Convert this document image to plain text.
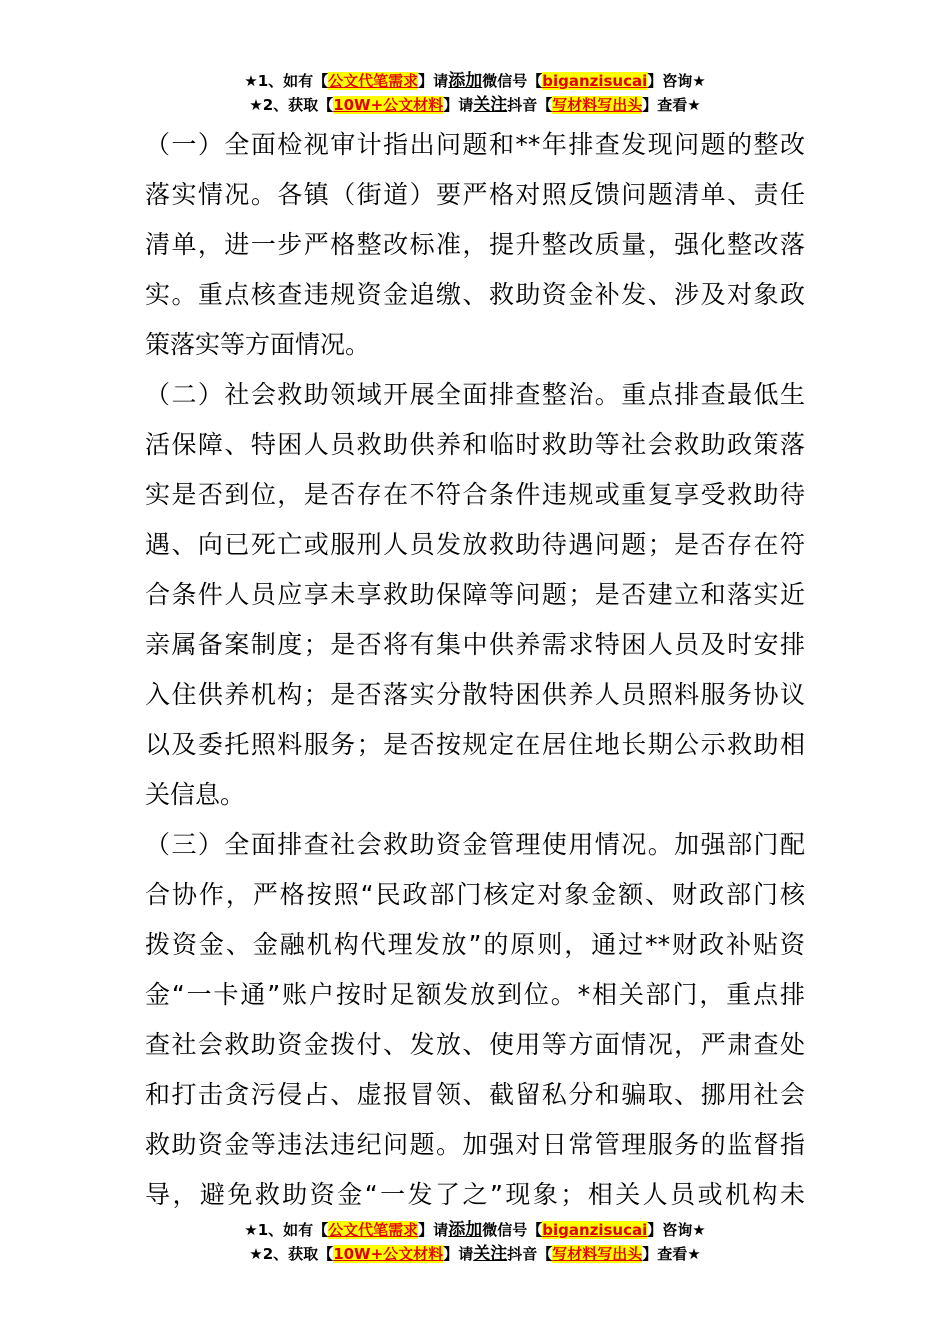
★1、如有【公文代笔需求】请添加微信号【biganzisucai】咨询★
★2、获取【10W+公文材料】请关注抖音【写材料写出头】查看★
（一）全面检视审计指出问题和**年排查发现问题的整改
落实情况。各镇（街道）要严格对照反馈问题清单、责任
清单，进一步严格整改标准，提升整改质量，强化整改落
实。重点核查违规资金追缴、救助资金补发、涉及对象政
策落实等方面情况。
（二）社会救助领域开展全面排查整治。重点排查最低生
活保障、特困人员救助供养和临时救助等社会救助政策落
实是否到位，是否存在不符合条件违规或重复享受救助待
遇、向已死亡或服刑人员发放救助待遇问题；是否存在符
合条件人员应享未享救助保障等问题；是否建立和落实近
亲属备案制度；是否将有集中供养需求特困人员及时安排
入住供养机构；是否落实分散特困供养人员照料服务协议
以及委托照料服务；是否按规定在居住地长期公示救助相
关信息。
（三）全面排查社会救助资金管理使用情况。加强部门配
合协作，严格按照“民政部门核定对象金额、财政部门核
拨资金、金融机构代理发放”的原则，通过**财政补贴资
金“一卡通”账户按时足额发放到位。*相关部门，重点排
查社会救助资金拨付、发放、使用等方面情况，严肃查处
和打击贪污侵占、虚报冒领、截留私分和骗取、挪用社会
救助资金等违法违纪问题。加强对日常管理服务的监督指
导，避免救助资金“一发了之”现象；相关人员或机构未
★1、如有【公文代笔需求】请添加微信号【biganzisucai】咨询★
★2、获取【10W+公文材料】请关注抖音【写材料写出头】查看★
